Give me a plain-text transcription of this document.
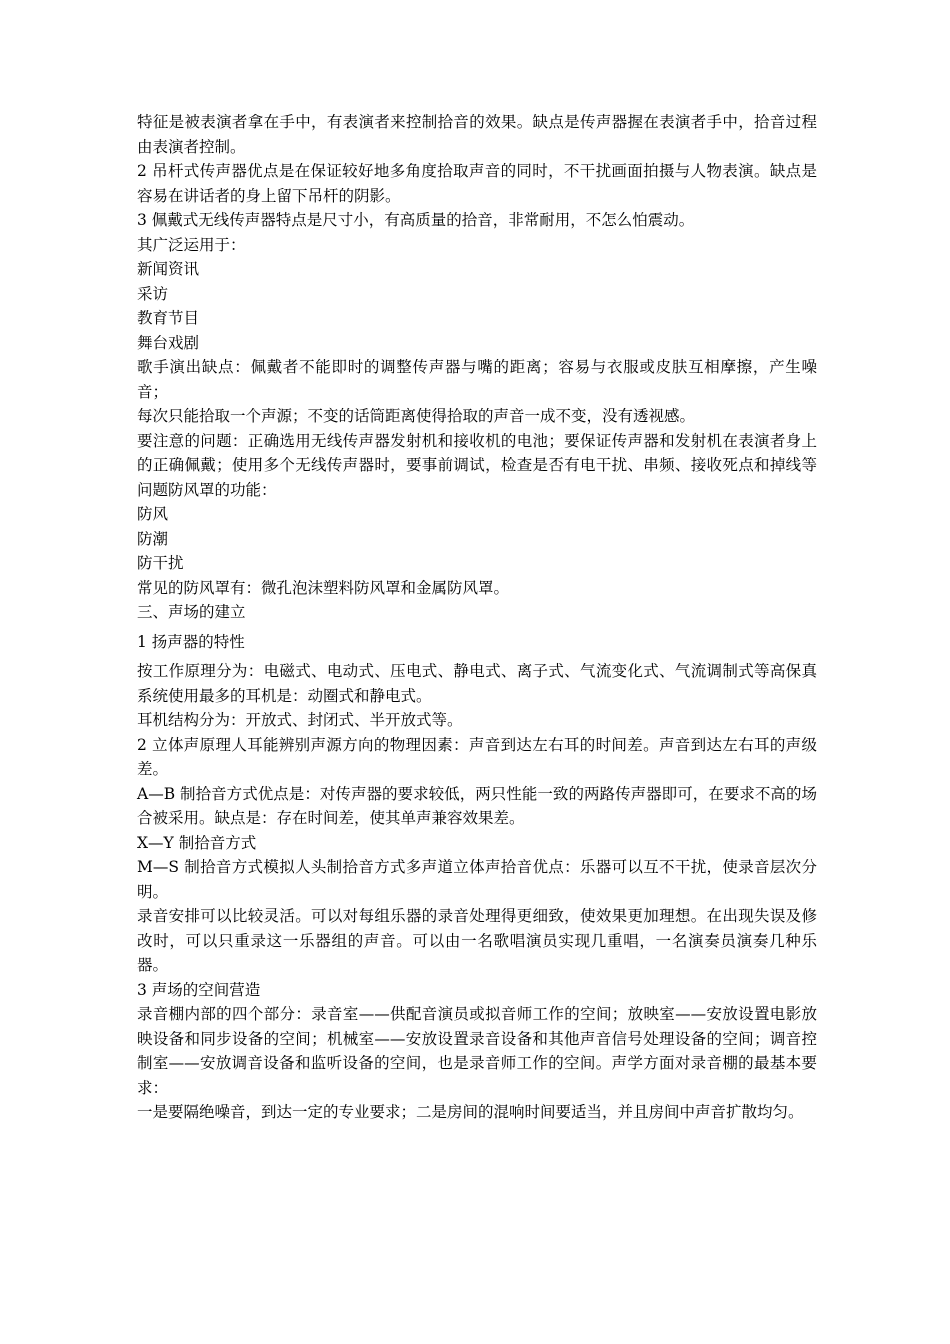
特征是被表演者拿在手中，有表演者来控制拾音的效果。缺点是传声器握在表演者手中，拾音过程由表演者控制。

2 吊杆式传声器优点是在保证较好地多角度拾取声音的同时，不干扰画面拍摄与人物表演。缺点是容易在讲话者的身上留下吊杆的阴影。

3 佩戴式无线传声器特点是尺寸小，有高质量的拾音，非常耐用，不怎么怕震动。

其广泛运用于：

新闻资讯

采访

教育节目

舞台戏剧

歌手演出缺点：佩戴者不能即时的调整传声器与嘴的距离；容易与衣服或皮肤互相摩擦，产生噪音；

每次只能拾取一个声源；不变的话筒距离使得拾取的声音一成不变，没有透视感。

要注意的问题：正确选用无线传声器发射机和接收机的电池；要保证传声器和发射机在表演者身上的正确佩戴；使用多个无线传声器时，要事前调试，检查是否有电干扰、串频、接收死点和掉线等问题防风罩的功能：

防风

防潮

防干扰

常见的防风罩有：微孔泡沫塑料防风罩和金属防风罩。

三、声场的建立

1 扬声器的特性

按工作原理分为：电磁式、电动式、压电式、静电式、离子式、气流变化式、气流调制式等高保真系统使用最多的耳机是：动圈式和静电式。

耳机结构分为：开放式、封闭式、半开放式等。

2 立体声原理人耳能辨别声源方向的物理因素：声音到达左右耳的时间差。声音到达左右耳的声级差。

A—B 制拾音方式优点是：对传声器的要求较低，两只性能一致的两路传声器即可，在要求不高的场合被采用。缺点是：存在时间差，使其单声兼容效果差。

X—Y 制拾音方式

M—S 制拾音方式模拟人头制拾音方式多声道立体声拾音优点：乐器可以互不干扰，使录音层次分明。

录音安排可以比较灵活。可以对每组乐器的录音处理得更细致，使效果更加理想。在出现失误及修改时，可以只重录这一乐器组的声音。可以由一名歌唱演员实现几重唱，一名演奏员演奏几种乐器。

3 声场的空间营造

录音棚内部的四个部分：录音室——供配音演员或拟音师工作的空间；放映室——安放设置电影放映设备和同步设备的空间；机械室——安放设置录音设备和其他声音信号处理设备的空间；调音控制室——安放调音设备和监听设备的空间，也是录音师工作的空间。声学方面对录音棚的最基本要求：

一是要隔绝噪音，到达一定的专业要求；二是房间的混响时间要适当，并且房间中声音扩散均匀。
